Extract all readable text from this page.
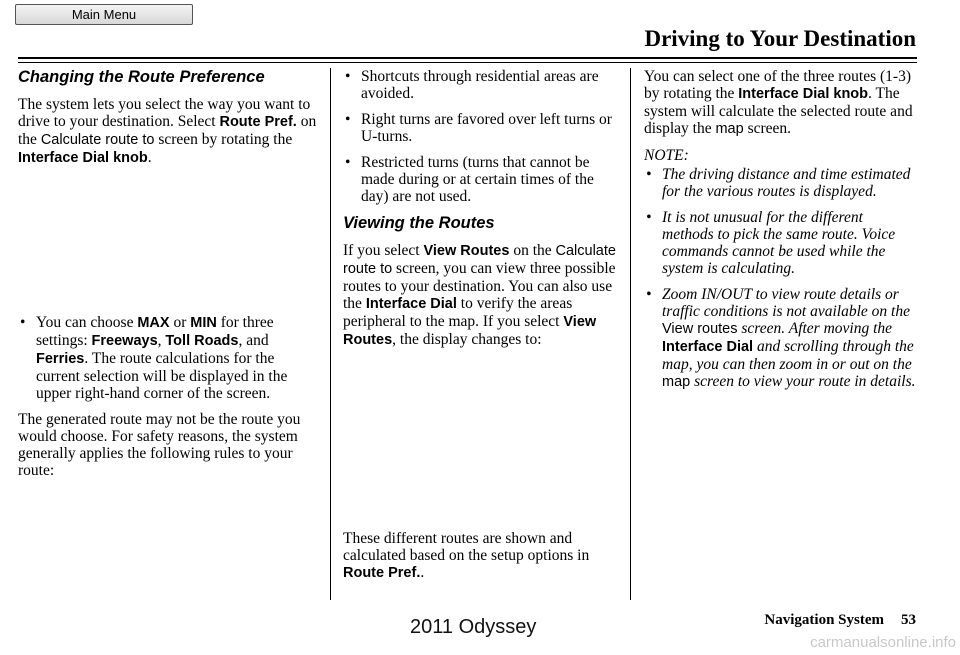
Main Menu
Driving to Your Destination
Changing the Route Preference

The system lets you select the way you want to drive to your destination. Select Route Pref. on the Calculate route to screen by rotating the Interface Dial knob.

• You can choose MAX or MIN for three settings: Freeways, Toll Roads, and Ferries. The route calculations for the current selection will be displayed in the upper right-hand corner of the screen.

The generated route may not be the route you would choose. For safety reasons, the system generally applies the following rules to your route:

• Shortcuts through residential areas are avoided.
• Right turns are favored over left turns or U-turns.
• Restricted turns (turns that cannot be made during or at certain times of the day) are not used.
Viewing the Routes

If you select View Routes on the Calculate route to screen, you can view three possible routes to your destination. You can also use the Interface Dial to verify the areas peripheral to the map. If you select View Routes, the display changes to:

These different routes are shown and calculated based on the setup options in Route Pref..

You can select one of the three routes (1-3) by rotating the Interface Dial knob. The system will calculate the selected route and display the map screen.

NOTE:

• The driving distance and time estimated for the various routes is displayed.
• It is not unusual for the different methods to pick the same route. Voice commands cannot be used while the system is calculating.
• Zoom IN/OUT to view route details or traffic conditions is not available on the View routes screen. After moving the Interface Dial and scrolling through the map, you can then zoom in or out on the map screen to view your route in details.
Navigation System 53
2011 Odyssey
carmanualsonline.info
